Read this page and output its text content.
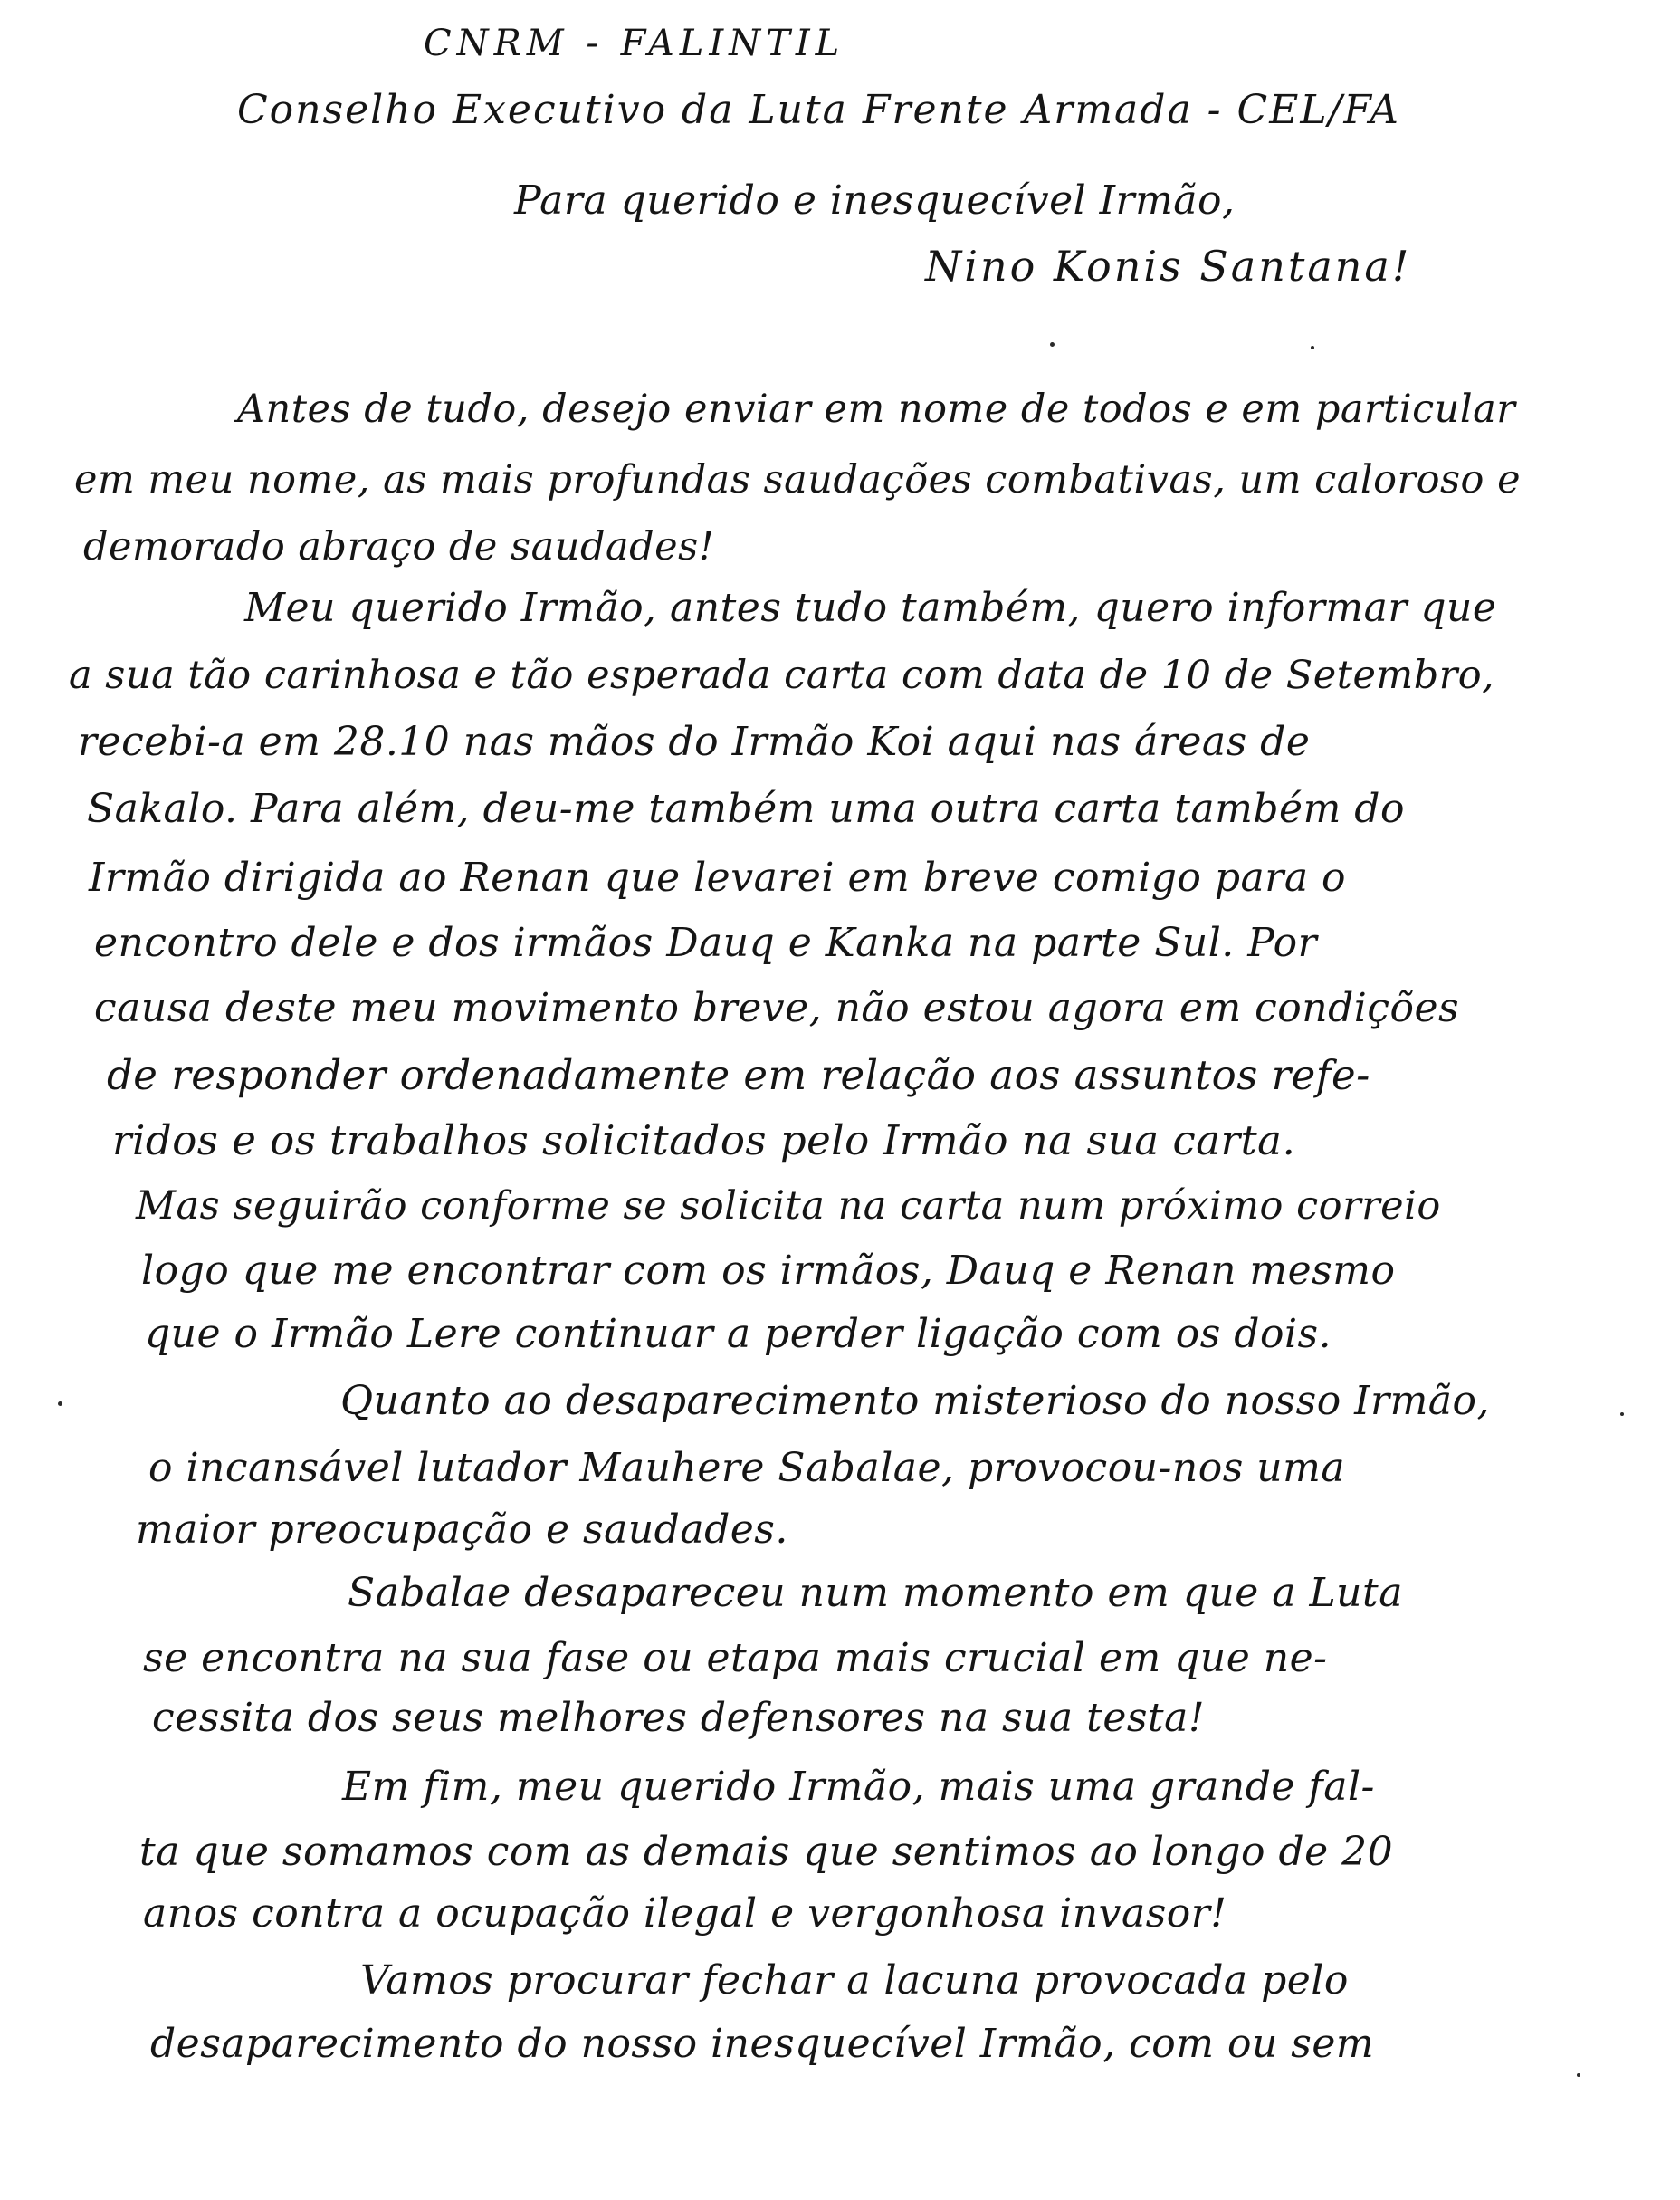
CNRM - FALINTIL
Conselho Executivo da Luta Frente Armada - CEL/FA
Para querido e inesquecível Irmão,
Nino Konis Santana!
Antes de tudo, desejo enviar em nome de todos e em particular
em meu nome, as mais profundas saudações combativas, um caloroso e
demorado abraço de saudades!
Meu querido Irmão, antes tudo também, quero informar que
a sua tão carinhosa e tão esperada carta com data de 10 de Setembro,
recebi-a em 28.10 nas mãos do Irmão Koi aqui nas áreas de
Sakalo. Para além, deu-me também uma outra carta também do
Irmão dirigida ao Renan que levarei em breve comigo para o
encontro dele e dos irmãos Dauq e Kanka na parte Sul. Por
causa deste meu movimento breve, não estou agora em condições
de responder ordenadamente em relação aos assuntos refe-
ridos e os trabalhos solicitados pelo Irmão na sua carta.
Mas seguirão conforme se solicita na carta num próximo correio
logo que me encontrar com os irmãos, Dauq e Renan mesmo
que o Irmão Lere continuar a perder ligação com os dois.
Quanto ao desaparecimento misterioso do nosso Irmão,
o incansável lutador Mauhere Sabalae, provocou-nos uma
maior preocupação e saudades.
Sabalae desapareceu num momento em que a Luta
se encontra na sua fase ou etapa mais crucial em que ne-
cessita dos seus melhores defensores na sua testa!
Em fim, meu querido Irmão, mais uma grande fal-
ta que somamos com as demais que sentimos ao longo de 20
anos contra a ocupação ilegal e vergonhosa invasor!
Vamos procurar fechar a lacuna provocada pelo
desaparecimento do nosso inesquecível Irmão, com ou sem
